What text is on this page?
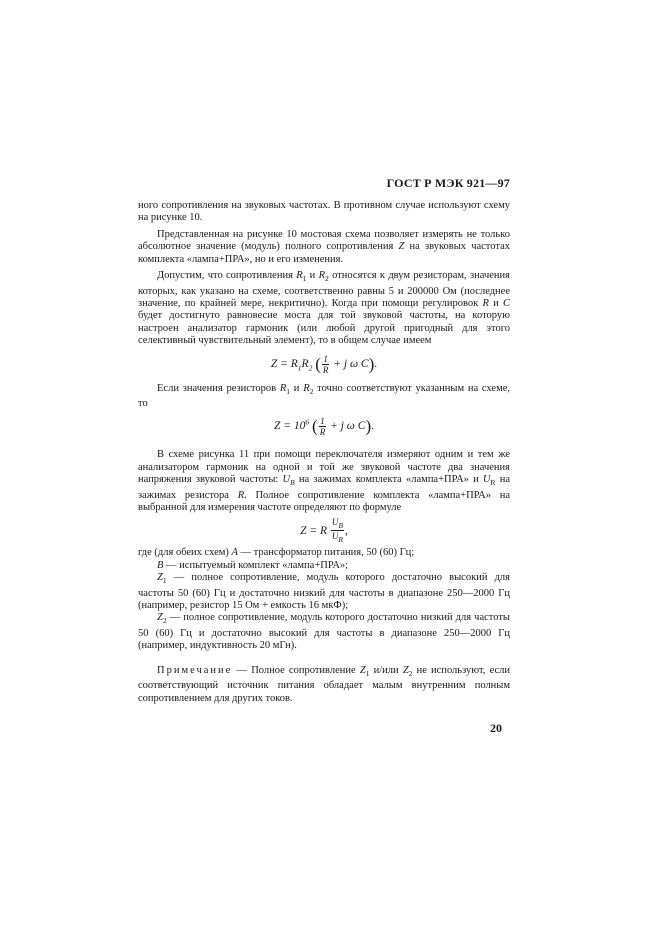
ГОСТ Р МЭК 921—97

ного сопротивления на звуковых частотах. В противном случае используют схему на рисунке 10.

Представленная на рисунке 10 мостовая схема позволяет измерять не только абсолютное значение (модуль) полного сопротивления Z на звуковых частотах комплекта «лампа+ПРА», но и его изменения.

Допустим, что сопротивления $R_1$ и $R_2$ относятся к двум резисторам, значения которых, как указано на схеме, соответственно равны 5 и 200000 Ом (последнее значение, по крайней мере, некритично). Когда при помощи регулировок R и C будет достигнуто равновесие моста для той звуковой частоты, на которую настроен анализатор гармоник (или любой другой пригодный для этого селективный чувствительный элемент), то в общем случае имеем

$Z = R_1R_2$ ( $\frac{1}{R} + j$ ω C).

Если значения резисторов $R_1$ и $R_2$ точно соответствуют указанным на схеме, то

$Z = 10^6$ ( $\frac{1}{R} + j$ ω C).

В схеме рисунка 11 при помощи переключателя измеряют одним и тем же анализатором гармоник на одной и той же звуковой частоте два значения напряжения звуковой частоты: $U_B$ на зажимах комплекта «лампа+ПРА» и $U_R$ на зажимах резистора R. Полное сопротивление комплекта «лампа+ПРА» на выбранной для измерения частоте определяют по формуле

Z = R $\frac{U_B}{U_R}$ ,

где (для обеих схем) А — трансформатор питания, 50 (60) Гц;

В — испытуемый комплект «лампа+ПРА»;

$Z_1$ — полное сопротивление, модуль которого достаточно высокий для частоты 50 (60) Гц и достаточно низкий для частоты в диапазоне 250—2000 Гц (например, резистор 15 Ом + емкость 16 мкФ);

$Z_2$ — полное сопротивление, модуль которого достаточно низкий для частоты 50 (60) Гц и достаточно высокий для частоты в диапазоне 250—2000 Гц (например, индуктивность 20 мГн).

Примечание — Полное сопротивление $Z_1$ и/или $Z_2$ не используют, если соответствующий источник питания обладает малым внутренним полным сопротивлением для других токов.

20
